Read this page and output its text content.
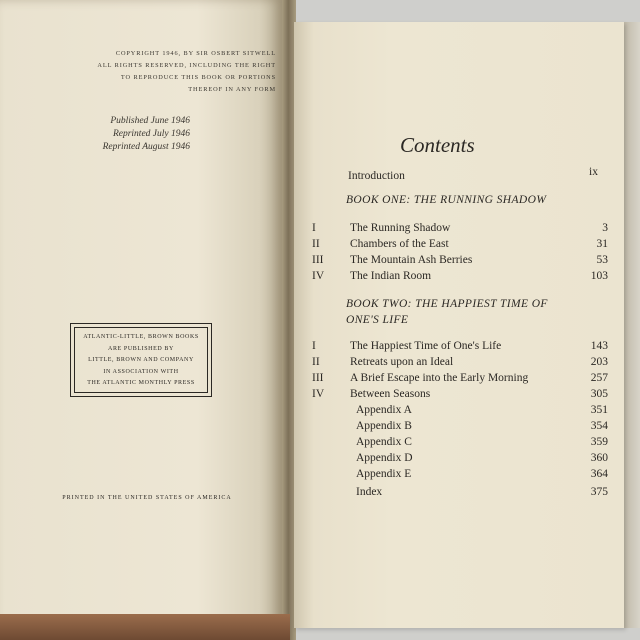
COPYRIGHT 1946, BY SIR OSBERT SITWELL
ALL RIGHTS RESERVED, INCLUDING THE RIGHT
TO REPRODUCE THIS BOOK OR PORTIONS
THEREOF IN ANY FORM
Published June 1946
Reprinted July 1946
Reprinted August 1946
ATLANTIC-LITTLE, BROWN BOOKS
ARE PUBLISHED BY
LITTLE, BROWN AND COMPANY
IN ASSOCIATION WITH
THE ATLANTIC MONTHLY PRESS
PRINTED IN THE UNITED STATES OF AMERICA
Contents
Introduction	ix
BOOK ONE: THE RUNNING SHADOW
I	The Running Shadow	3
II	Chambers of the East	31
III	The Mountain Ash Berries	53
IV	The Indian Room	103
BOOK TWO: THE HAPPIEST TIME OF
ONE'S LIFE
I	The Happiest Time of One's Life	143
II	Retreats upon an Ideal	203
III	A Brief Escape into the Early Morning	257
IV	Between Seasons	305
Appendix A	351
Appendix B	354
Appendix C	359
Appendix D	360
Appendix E	364
Index	375
